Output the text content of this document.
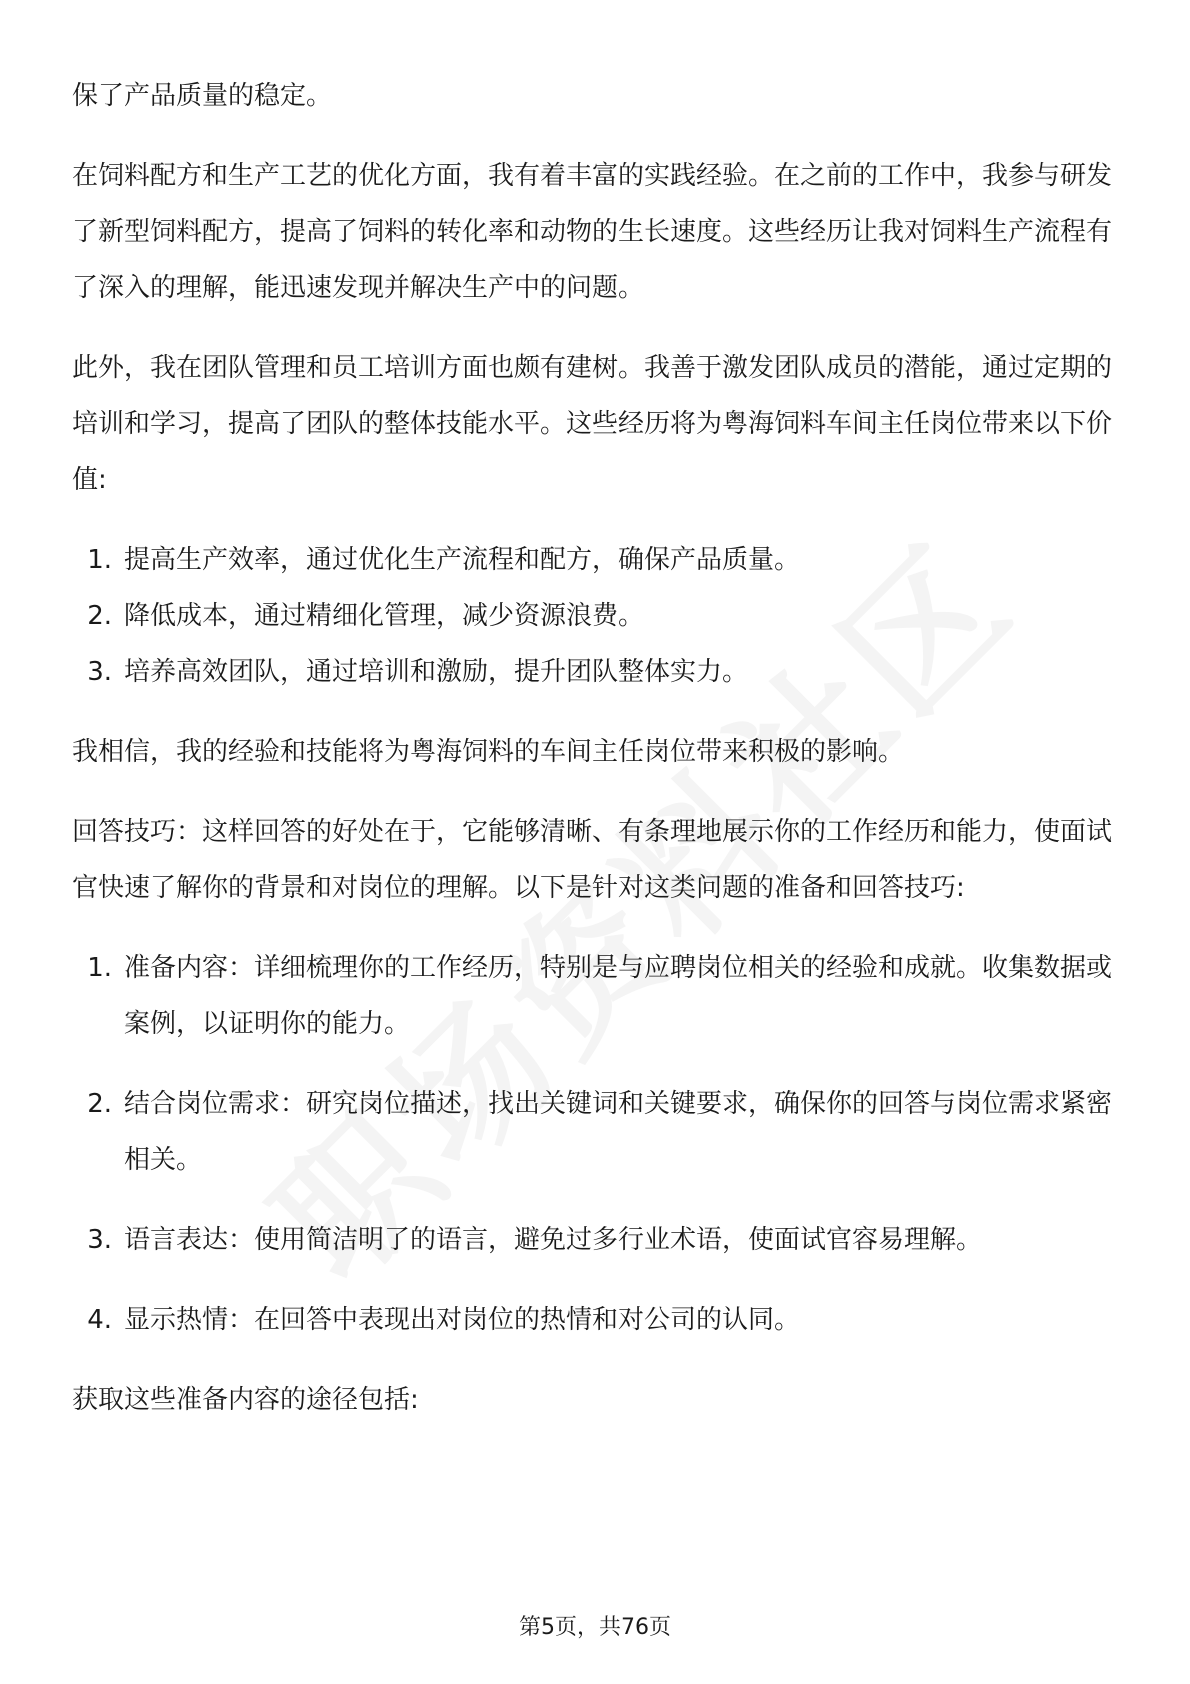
保了产品质量的稳定。

在饲料配方和生产工艺的优化方面，我有着丰富的实践经验。在之前的工作中，我参与研发了新型饲料配方，提高了饲料的转化率和动物的生长速度。这些经历让我对饲料生产流程有了深入的理解，能迅速发现并解决生产中的问题。

此外，我在团队管理和员工培训方面也颇有建树。我善于激发团队成员的潜能，通过定期的培训和学习，提高了团队的整体技能水平。这些经历将为粤海饲料车间主任岗位带来以下价值:

1. 提高生产效率，通过优化生产流程和配方，确保产品质量。
2. 降低成本，通过精细化管理，减少资源浪费。
3. 培养高效团队，通过培训和激励，提升团队整体实力。

我相信，我的经验和技能将为粤海饲料的车间主任岗位带来积极的影响。

回答技巧：这样回答的好处在于，它能够清晰、有条理地展示你的工作经历和能力，使面试官快速了解你的背景和对岗位的理解。以下是针对这类问题的准备和回答技巧:

1. 准备内容：详细梳理你的工作经历，特别是与应聘岗位相关的经验和成就。收集数据或案例，以证明你的能力。
2. 结合岗位需求：研究岗位描述，找出关键词和关键要求，确保你的回答与岗位需求紧密相关。
3. 语言表达：使用简洁明了的语言，避免过多行业术语，使面试官容易理解。
4. 显示热情：在回答中表现出对岗位的热情和对公司的认同。

获取这些准备内容的途径包括:

第5页，共76页
